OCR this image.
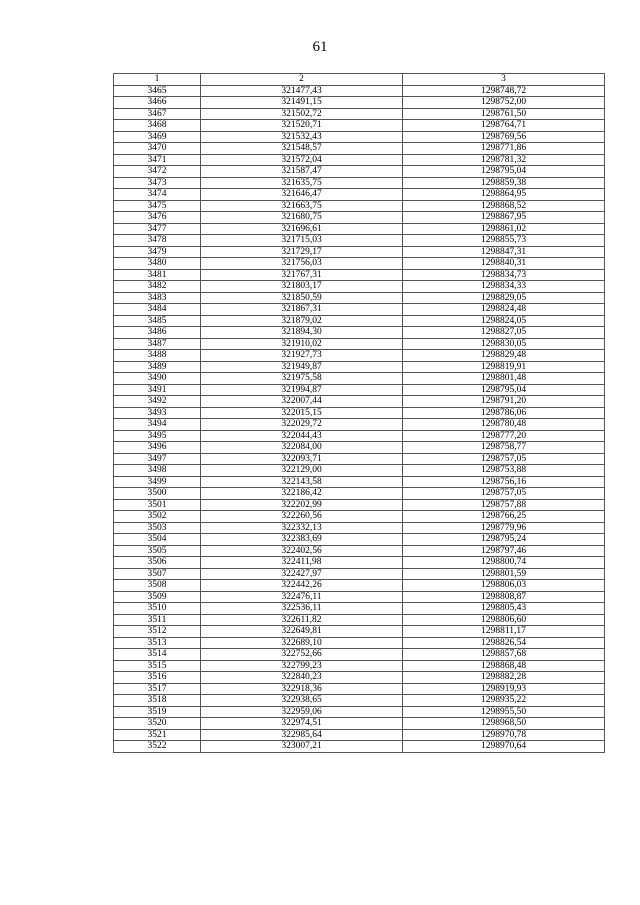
61
1	2	3
3465	321477,43	1298748,72
3466	321491,15	1298752,00
3467	321502,72	1298761,50
3468	321520,71	1298764,71
3469	321532,43	1298769,56
3470	321548,57	1298771,86
3471	321572,04	1298781,32
3472	321587,47	1298795,04
3473	321635,75	1298859,38
3474	321646,47	1298864,95
3475	321663,75	1298868,52
3476	321680,75	1298867,95
3477	321696,61	1298861,02
3478	321715,03	1298855,73
3479	321729,17	1298847,31
3480	321756,03	1298840,31
3481	321767,31	1298834,73
3482	321803,17	1298834,33
3483	321850,59	1298829,05
3484	321867,31	1298824,48
3485	321879,02	1298824,05
3486	321894,30	1298827,05
3487	321910,02	1298830,05
3488	321927,73	1298829,48
3489	321949,87	1298819,91
3490	321975,58	1298801,48
3491	321994,87	1298795,04
3492	322007,44	1298791,20
3493	322015,15	1298786,06
3494	322029,72	1298780,48
3495	322044,43	1298777,20
3496	322084,00	1298758,77
3497	322093,71	1298757,05
3498	322129,00	1298753,88
3499	322143,58	1298756,16
3500	322186,42	1298757,05
3501	322202,99	1298757,88
3502	322260,56	1298766,25
3503	322332,13	1298779,96
3504	322383,69	1298795,24
3505	322402,56	1298797,46
3506	322411,98	1298800,74
3507	322427,97	1298801,59
3508	322442,26	1298806,03
3509	322476,11	1298808,87
3510	322536,11	1298805,43
3511	322611,82	1298806,60
3512	322649,81	1298811,17
3513	322689,10	1298826,54
3514	322752,66	1298857,68
3515	322799,23	1298868,48
3516	322840,23	1298882,28
3517	322918,36	1298919,93
3518	322938,65	1298935,22
3519	322959,06	1298955,50
3520	322974,51	1298968,50
3521	322985,64	1298970,78
3522	323007,21	1298970,64
